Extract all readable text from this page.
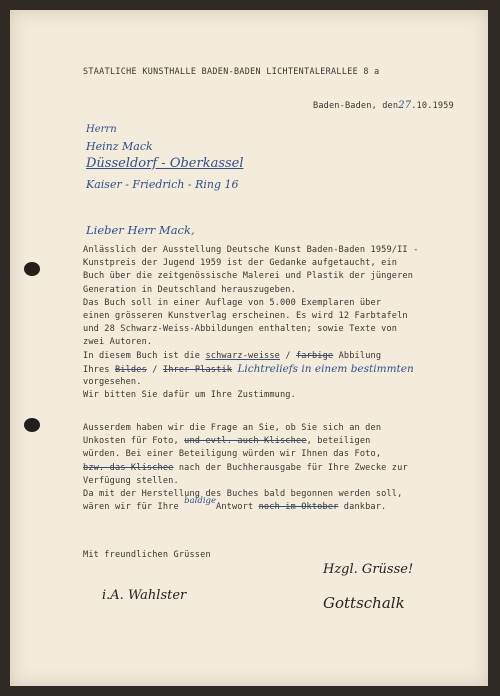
STAATLICHE KUNSTHALLE BADEN-BADEN LICHTENTALERALLEE 8 a
Baden-Baden, den27.10.1959
Herrn
Heinz Mack
Düsseldorf - Oberkassel
Kaiser - Friedrich - Ring 16
Lieber Herr Mack,
Anlässlich der Ausstellung Deutsche Kunst Baden-Baden 1959/II -
Kunstpreis der Jugend 1959 ist der Gedanke aufgetaucht, ein
Buch über die zeitgenössische Malerei und Plastik der jüngeren
Generation in Deutschland herauszugeben.
Das Buch soll in einer Auflage von 5.000 Exemplaren über
einen grösseren Kunstverlag erscheinen. Es wird 12 Farbtafeln
und 28 Schwarz-Weiss-Abbildungen enthalten; sowie Texte von
zwei Autoren.
In diesem Buch ist die schwarz-weisse / farbige Abbilung
Ihres Bildes / Ihrer Plastik Lichtreliefs in einem bestimmten
vorgesehen.
Wir bitten Sie dafür um Ihre Zustimmung.
Ausserdem haben wir die Frage an Sie, ob Sie sich an den
Unkosten für Foto, und evtl. auch Klischee, beteiligen
würden. Bei einer Beteiligung würden wir Ihnen das Foto,
bzw. das Klischee nach der Buchherausgabe für Ihre Zwecke zur
Verfügung stellen.
Da mit der Herstellung des Buches bald begonnen werden soll,
wären wir für Ihre baldigeAntwort noch im Oktober dankbar.
Mit freundlichen Grüssen
Hzgl. Grüsse!
i.A. Wahlster	Gottschalk
